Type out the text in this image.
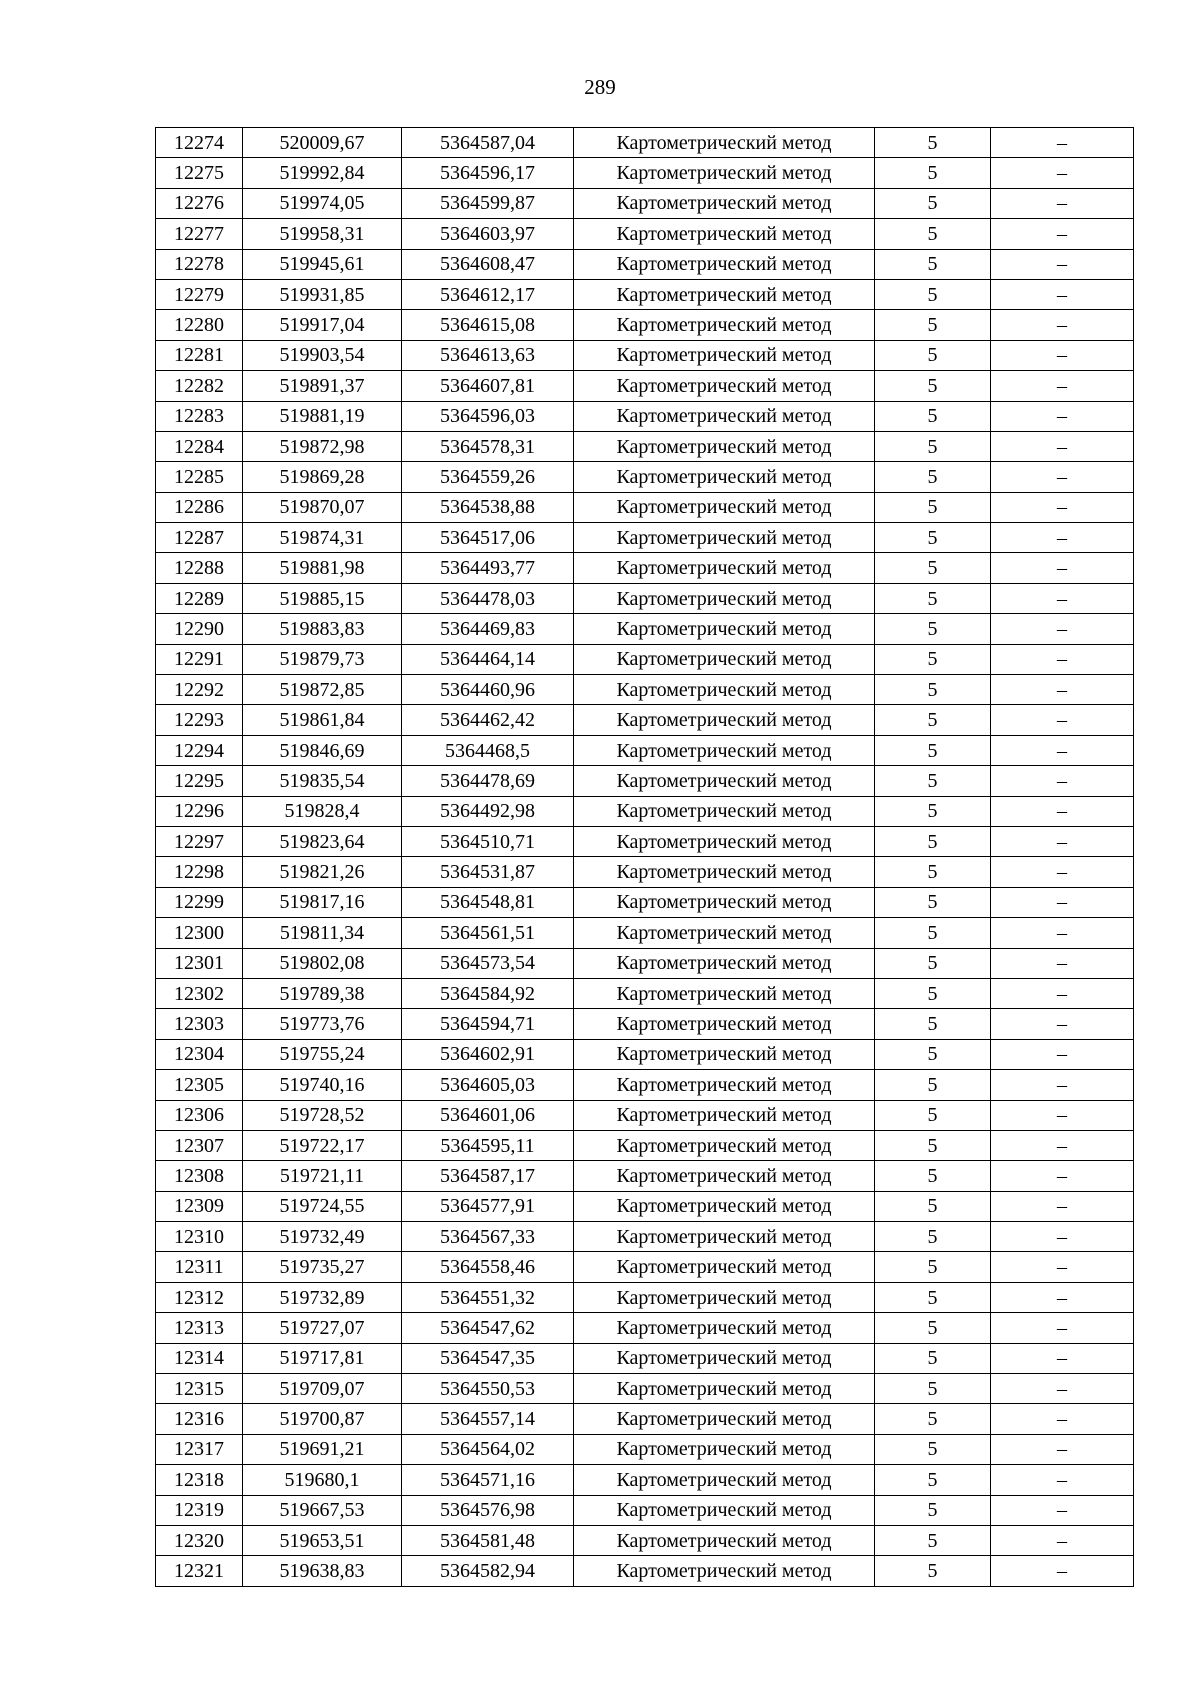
289
12274	520009,67	5364587,04	Картометрический метод	5	–
12275	519992,84	5364596,17	Картометрический метод	5	–
12276	519974,05	5364599,87	Картометрический метод	5	–
12277	519958,31	5364603,97	Картометрический метод	5	–
12278	519945,61	5364608,47	Картометрический метод	5	–
12279	519931,85	5364612,17	Картометрический метод	5	–
12280	519917,04	5364615,08	Картометрический метод	5	–
12281	519903,54	5364613,63	Картометрический метод	5	–
12282	519891,37	5364607,81	Картометрический метод	5	–
12283	519881,19	5364596,03	Картометрический метод	5	–
12284	519872,98	5364578,31	Картометрический метод	5	–
12285	519869,28	5364559,26	Картометрический метод	5	–
12286	519870,07	5364538,88	Картометрический метод	5	–
12287	519874,31	5364517,06	Картометрический метод	5	–
12288	519881,98	5364493,77	Картометрический метод	5	–
12289	519885,15	5364478,03	Картометрический метод	5	–
12290	519883,83	5364469,83	Картометрический метод	5	–
12291	519879,73	5364464,14	Картометрический метод	5	–
12292	519872,85	5364460,96	Картометрический метод	5	–
12293	519861,84	5364462,42	Картометрический метод	5	–
12294	519846,69	5364468,5	Картометрический метод	5	–
12295	519835,54	5364478,69	Картометрический метод	5	–
12296	519828,4	5364492,98	Картометрический метод	5	–
12297	519823,64	5364510,71	Картометрический метод	5	–
12298	519821,26	5364531,87	Картометрический метод	5	–
12299	519817,16	5364548,81	Картометрический метод	5	–
12300	519811,34	5364561,51	Картометрический метод	5	–
12301	519802,08	5364573,54	Картометрический метод	5	–
12302	519789,38	5364584,92	Картометрический метод	5	–
12303	519773,76	5364594,71	Картометрический метод	5	–
12304	519755,24	5364602,91	Картометрический метод	5	–
12305	519740,16	5364605,03	Картометрический метод	5	–
12306	519728,52	5364601,06	Картометрический метод	5	–
12307	519722,17	5364595,11	Картометрический метод	5	–
12308	519721,11	5364587,17	Картометрический метод	5	–
12309	519724,55	5364577,91	Картометрический метод	5	–
12310	519732,49	5364567,33	Картометрический метод	5	–
12311	519735,27	5364558,46	Картометрический метод	5	–
12312	519732,89	5364551,32	Картометрический метод	5	–
12313	519727,07	5364547,62	Картометрический метод	5	–
12314	519717,81	5364547,35	Картометрический метод	5	–
12315	519709,07	5364550,53	Картометрический метод	5	–
12316	519700,87	5364557,14	Картометрический метод	5	–
12317	519691,21	5364564,02	Картометрический метод	5	–
12318	519680,1	5364571,16	Картометрический метод	5	–
12319	519667,53	5364576,98	Картометрический метод	5	–
12320	519653,51	5364581,48	Картометрический метод	5	–
12321	519638,83	5364582,94	Картометрический метод	5	–
